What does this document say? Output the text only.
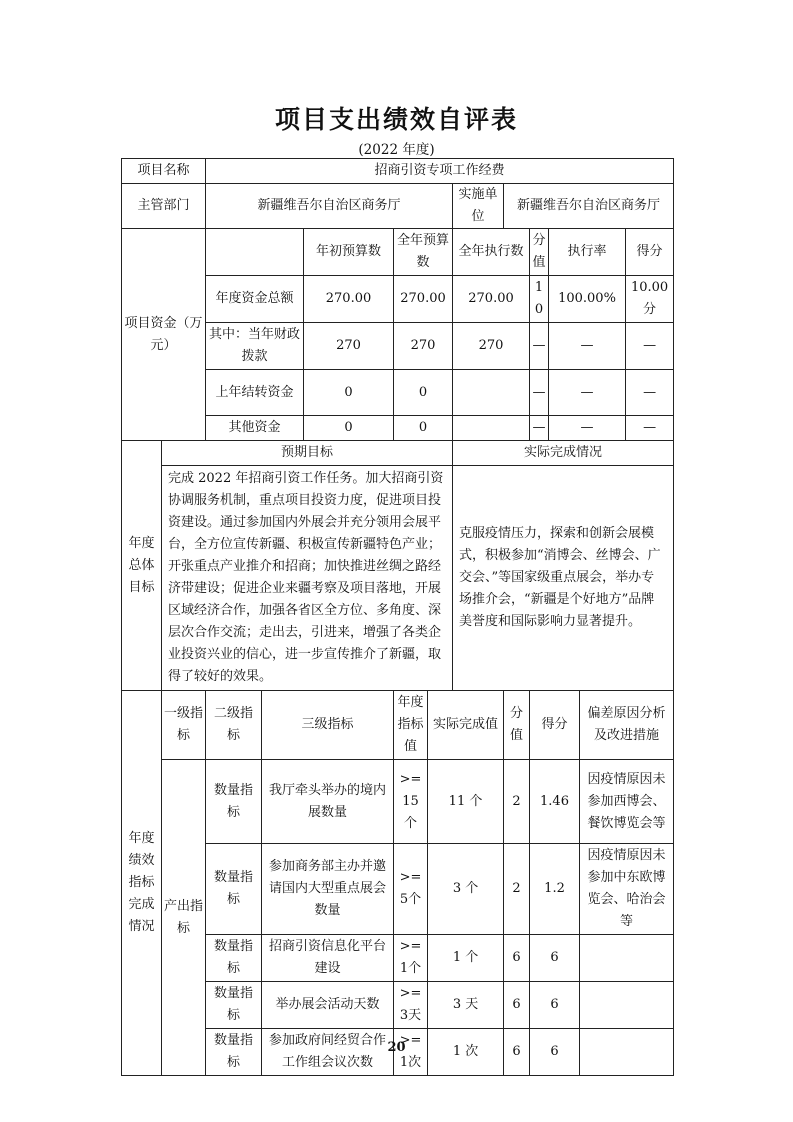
项目支出绩效自评表
(2022 年度)
项目名称		招商引资专项工作经费										
主管部门		新疆维吾尔自治区商务厅					实施单位	新疆维吾尔自治区商务厅				
项目资金（万元）				年初预算数	全年预算数		全年执行数		分值	执行率		得分
		年度资金总额		270.00	270.00		270.00		10	100.00%		10.00分
		其中：当年财政拨款		270	270		270		—	—		—
		上年结转资金		0	0				—	—		—
		其他资金		0	0				—	—		—
年度总体目标	预期目标						实际完成情况					
	完成 2022 年招商引资工作任务。加大招商引资协调服务机制，重点项目投资力度，促进项目投资建设。通过参加国内外展会并充分领用会展平台，全方位宣传新疆、积极宣传新疆特色产业；开张重点产业推介和招商；加快推进丝绸之路经济带建设；促进企业来疆考察及项目落地，开展区域经济合作，加强各省区全方位、多角度、深层次合作交流；走出去，引进来，增强了各类企业投资兴业的信心，进一步宣传推介了新疆，取得了较好的效果。						克服疫情压力，探索和创新会展模式，积极参加“消博会、丝博会、广交会、”等国家级重点展会，举办专场推介会，“新疆是个好地方”品牌美誉度和国际影响力显著提升。					
年度绩效指标完成情况	一级指标	二级指标	三级指标		年度指标值	实际完成值		分值	得分		偏差原因分析及改进措施	
	产出指标	数量指标	我厅牵头举办的境内展数量		>=15个	11 个		2	1.46		因疫情原因未参加西博会、餐饮博览会等	
		数量指标	参加商务部主办并邀请国内大型重点展会数量		>=5个	3 个		2	1.2		因疫情原因未参加中东欧博览会、哈治会等	
		数量指标	招商引资信息化平台建设		>=1个	1 个		6	6			
		数量指标	举办展会活动天数		>=3天	3 天		6	6			
		数量指标	参加政府间经贸合作工作组会议次数		>=1次	1 次		6	6			
20
